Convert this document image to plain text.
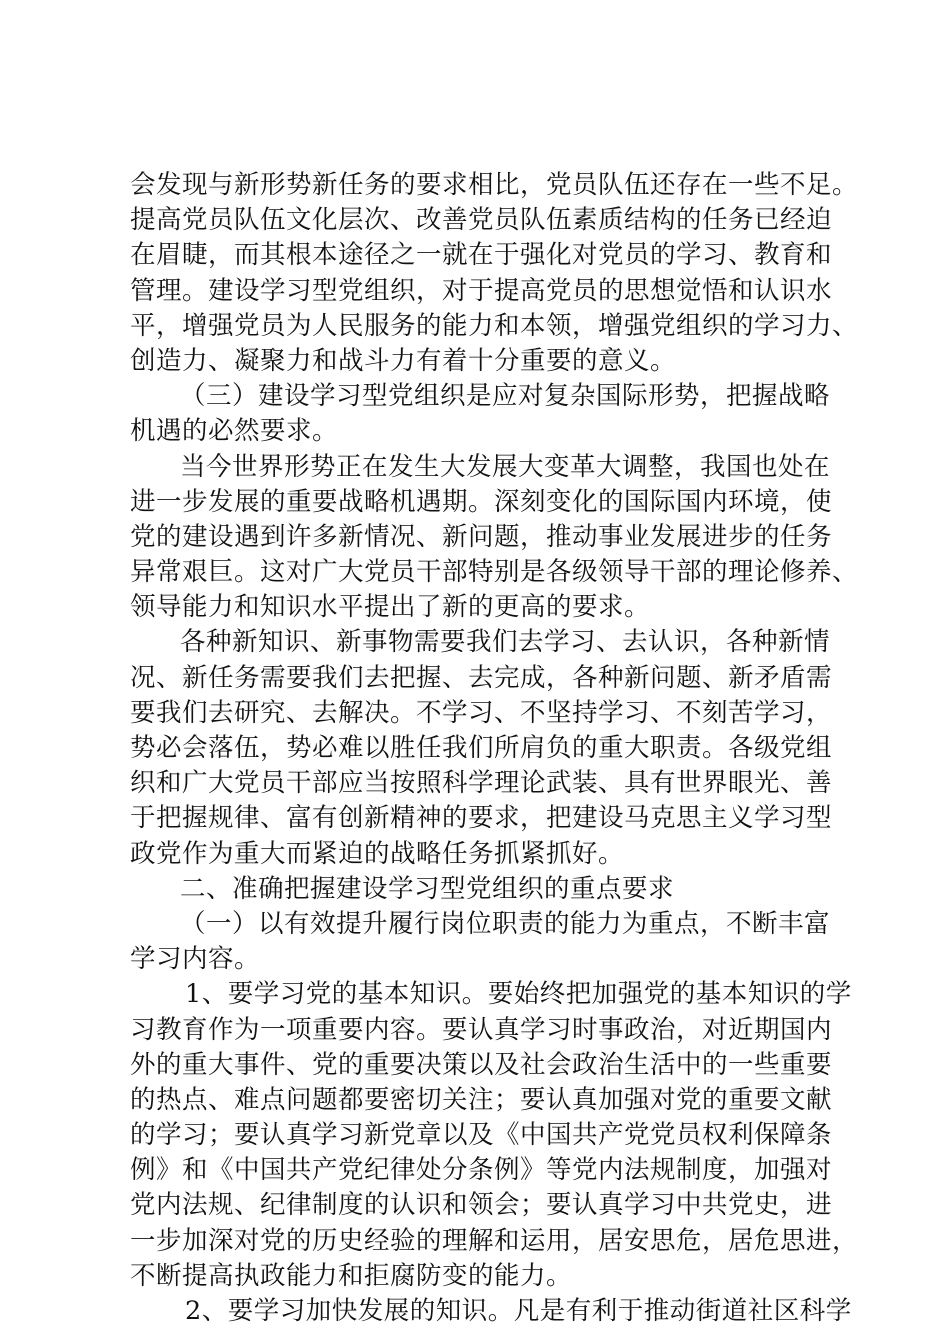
会发现与新形势新任务的要求相比，党员队伍还存在一些不足。
提高党员队伍文化层次、改善党员队伍素质结构的任务已经迫
在眉睫，而其根本途径之一就在于强化对党员的学习、教育和
管理。建设学习型党组织，对于提高党员的思想觉悟和认识水
平，增强党员为人民服务的能力和本领，增强党组织的学习力、
创造力、凝聚力和战斗力有着十分重要的意义。
（三）建设学习型党组织是应对复杂国际形势，把握战略
机遇的必然要求。
当今世界形势正在发生大发展大变革大调整，我国也处在
进一步发展的重要战略机遇期。深刻变化的国际国内环境，使
党的建设遇到许多新情况、新问题，推动事业发展进步的任务
异常艰巨。这对广大党员干部特别是各级领导干部的理论修养、
领导能力和知识水平提出了新的更高的要求。
各种新知识、新事物需要我们去学习、去认识，各种新情
况、新任务需要我们去把握、去完成，各种新问题、新矛盾需
要我们去研究、去解决。不学习、不坚持学习、不刻苦学习，
势必会落伍，势必难以胜任我们所肩负的重大职责。各级党组
织和广大党员干部应当按照科学理论武装、具有世界眼光、善
于把握规律、富有创新精神的要求，把建设马克思主义学习型
政党作为重大而紧迫的战略任务抓紧抓好。
二、准确把握建设学习型党组织的重点要求
（一）以有效提升履行岗位职责的能力为重点，不断丰富
学习内容。
1、要学习党的基本知识。要始终把加强党的基本知识的学
习教育作为一项重要内容。要认真学习时事政治，对近期国内
外的重大事件、党的重要决策以及社会政治生活中的一些重要
的热点、难点问题都要密切关注；要认真加强对党的重要文献
的学习；要认真学习新党章以及《中国共产党党员权利保障条
例》和《中国共产党纪律处分条例》等党内法规制度，加强对
党内法规、纪律制度的认识和领会；要认真学习中共党史，进
一步加深对党的历史经验的理解和运用，居安思危，居危思进，
不断提高执政能力和拒腐防变的能力。
2、要学习加快发展的知识。凡是有利于推动街道社区科学
